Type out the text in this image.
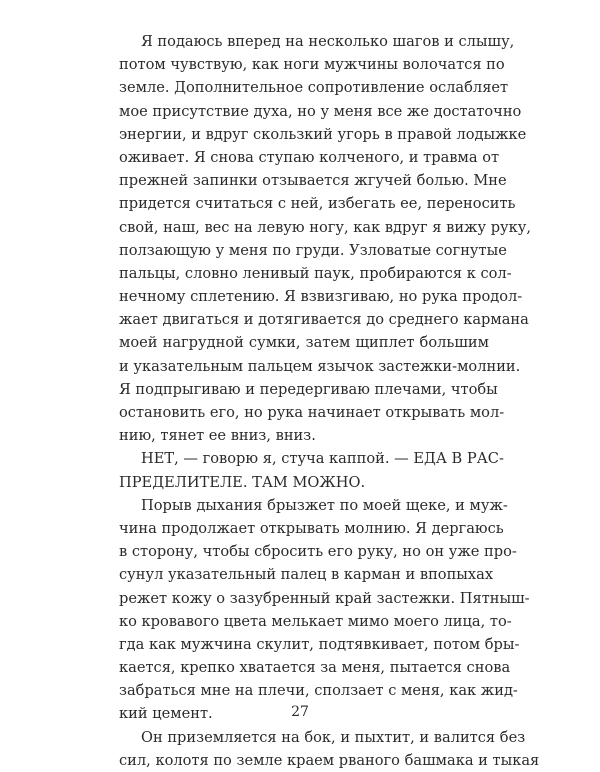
Я подаюсь вперед на несколько шагов и слышу,
потом чувствую, как ноги мужчины волочатся по
земле. Дополнительное сопротивление ослабляет
мое присутствие духа, но у меня все же достаточно
энергии, и вдруг скользкий угорь в правой лодыжке
оживает. Я снова ступаю колченого, и травма от
прежней запинки отзывается жгучей болью. Мне
придется считаться с ней, избегать ее, переносить
свой, наш, вес на левую ногу, как вдруг я вижу руку,
ползающую у меня по груди. Узловатые согнутые
пальцы, словно ленивый паук, пробираются к сол-
нечному сплетению. Я взвизгиваю, но рука продол-
жает двигаться и дотягивается до среднего кармана
моей нагрудной сумки, затем щиплет большим
и указательным пальцем язычок застежки-молнии.
Я подпрыгиваю и передергиваю плечами, чтобы
остановить его, но рука начинает открывать мол-
нию, тянет ее вниз, вниз.

НЕТ, — говорю я, стуча каппой. — ЕДА В РАС-
ПРЕДЕЛИТЕЛЕ. ТАМ МОЖНО.

Порыв дыхания брызжет по моей щеке, и муж-
чина продолжает открывать молнию. Я дергаюсь
в сторону, чтобы сбросить его руку, но он уже про-
сунул указательный палец в карман и впопыхах
режет кожу о зазубренный край застежки. Пятныш-
ко кровавого цвета мелькает мимо моего лица, то-
гда как мужчина скулит, подтявкивает, потом бры-
кается, крепко хватается за меня, пытается снова
забраться мне на плечи, сползает с меня, как жид-
кий цемент.

Он приземляется на бок, и пыхтит, и валится без
сил, колотя по земле краем рваного башмака и тыкая

27
